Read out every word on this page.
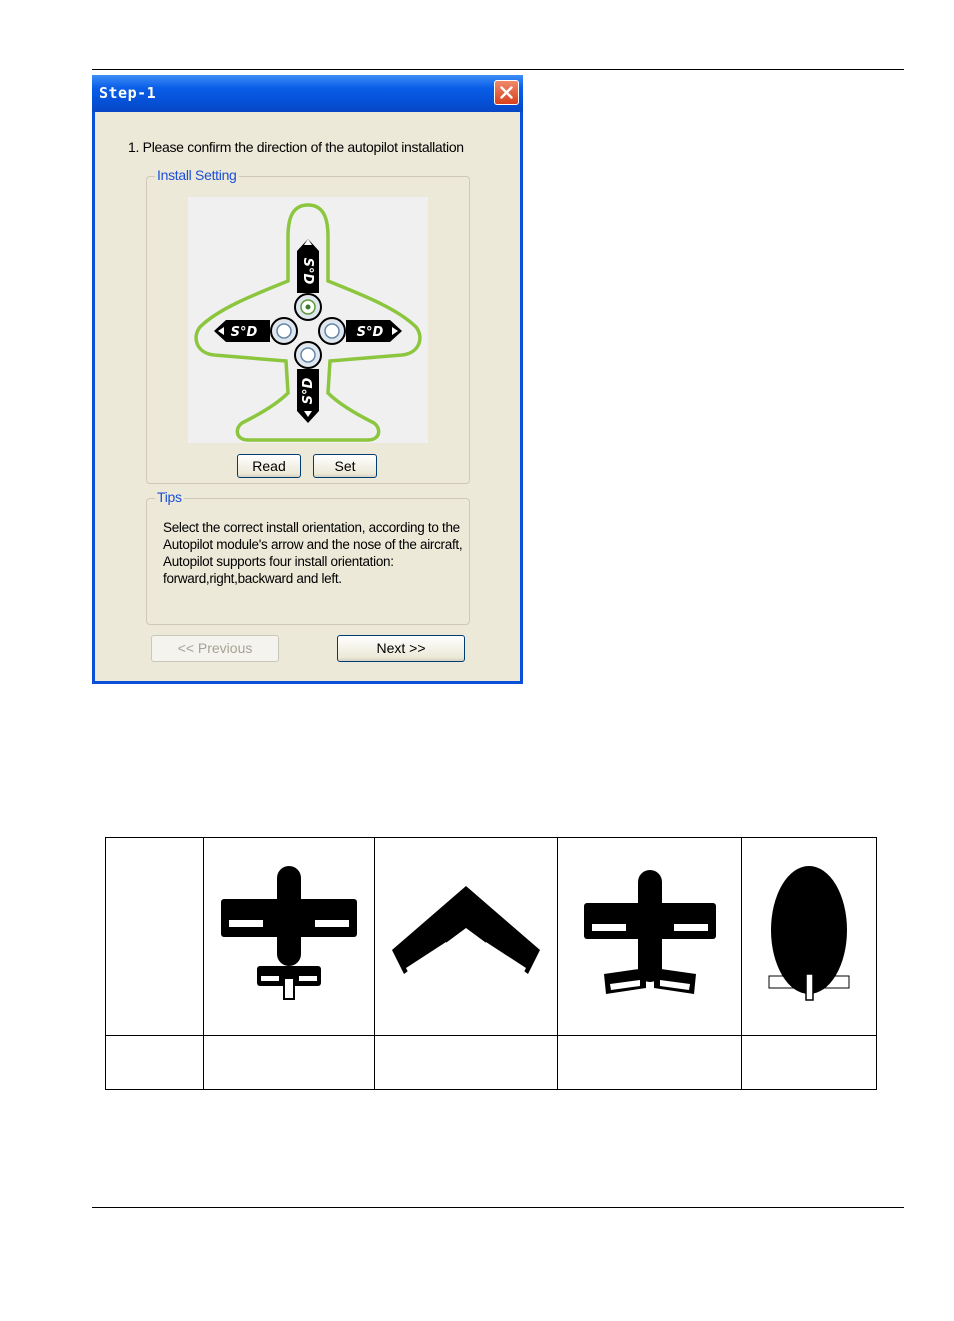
Step-1
1. Please confirm the direction of the autopilot installation
Install Setting
S°D
S°D
S°D	S°D
Read	Set
Tips
Select the correct install orientation, according to the Autopilot module's arrow and the nose of the aircraft, Autopilot supports four install orientation: forward,right,backward and left.
<< Previous	Next >>
